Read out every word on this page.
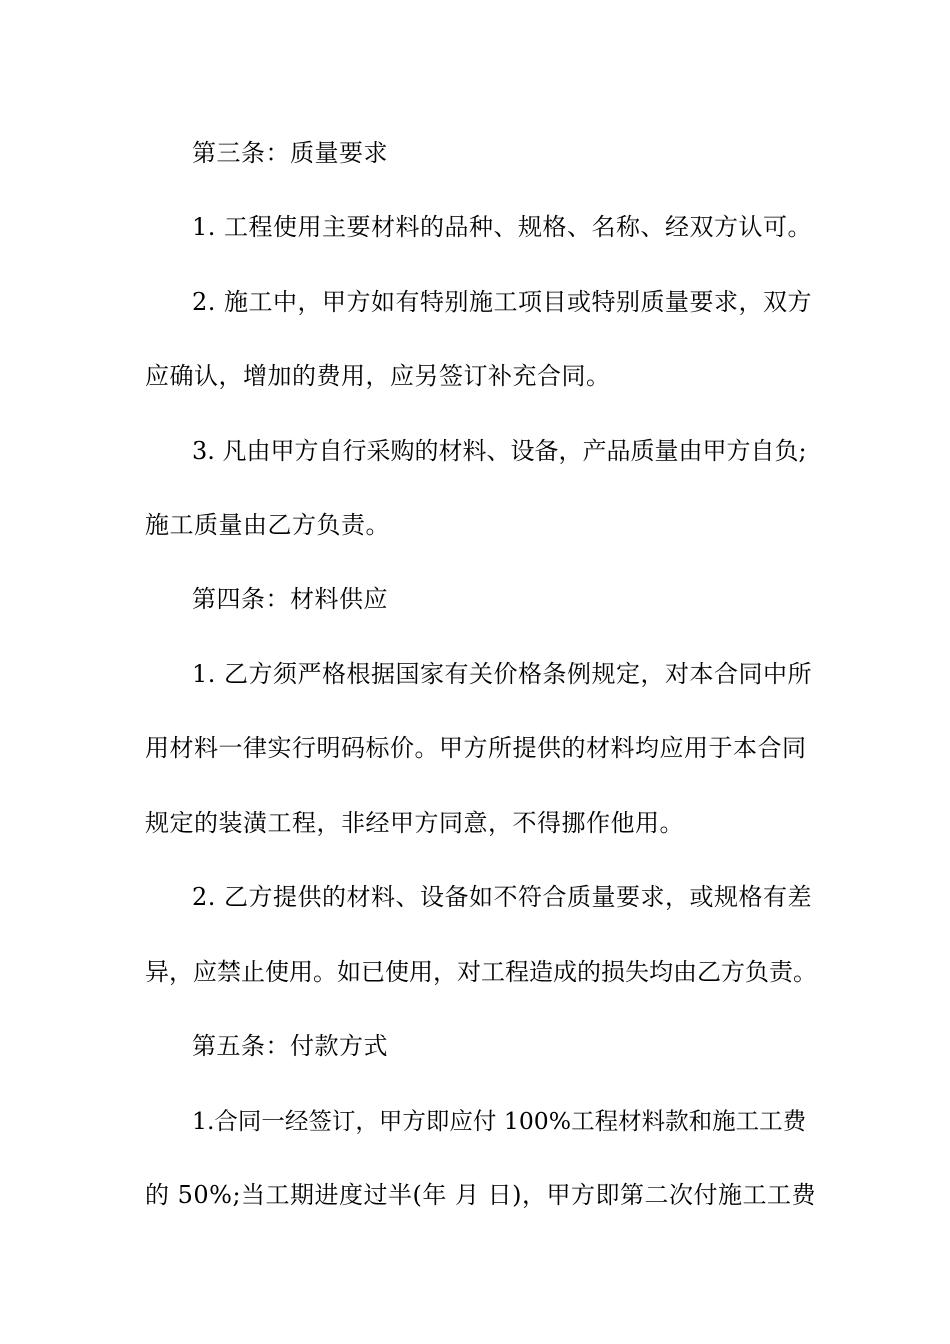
第三条：质量要求
1. 工程使用主要材料的品种、规格、名称、经双方认可。
2. 施工中，甲方如有特别施工项目或特别质量要求，双方
应确认，增加的费用，应另签订补充合同。
3. 凡由甲方自行采购的材料、设备，产品质量由甲方自负;
施工质量由乙方负责。
第四条：材料供应
1. 乙方须严格根据国家有关价格条例规定，对本合同中所
用材料一律实行明码标价。甲方所提供的材料均应用于本合同
规定的装潢工程，非经甲方同意，不得挪作他用。
2. 乙方提供的材料、设备如不符合质量要求，或规格有差
异，应禁止使用。如已使用，对工程造成的损失均由乙方负责。
第五条：付款方式
1.合同一经签订，甲方即应付 100%工程材料款和施工工费
的 50%;当工期进度过半(年 月 日)，甲方即第二次付施工工费
